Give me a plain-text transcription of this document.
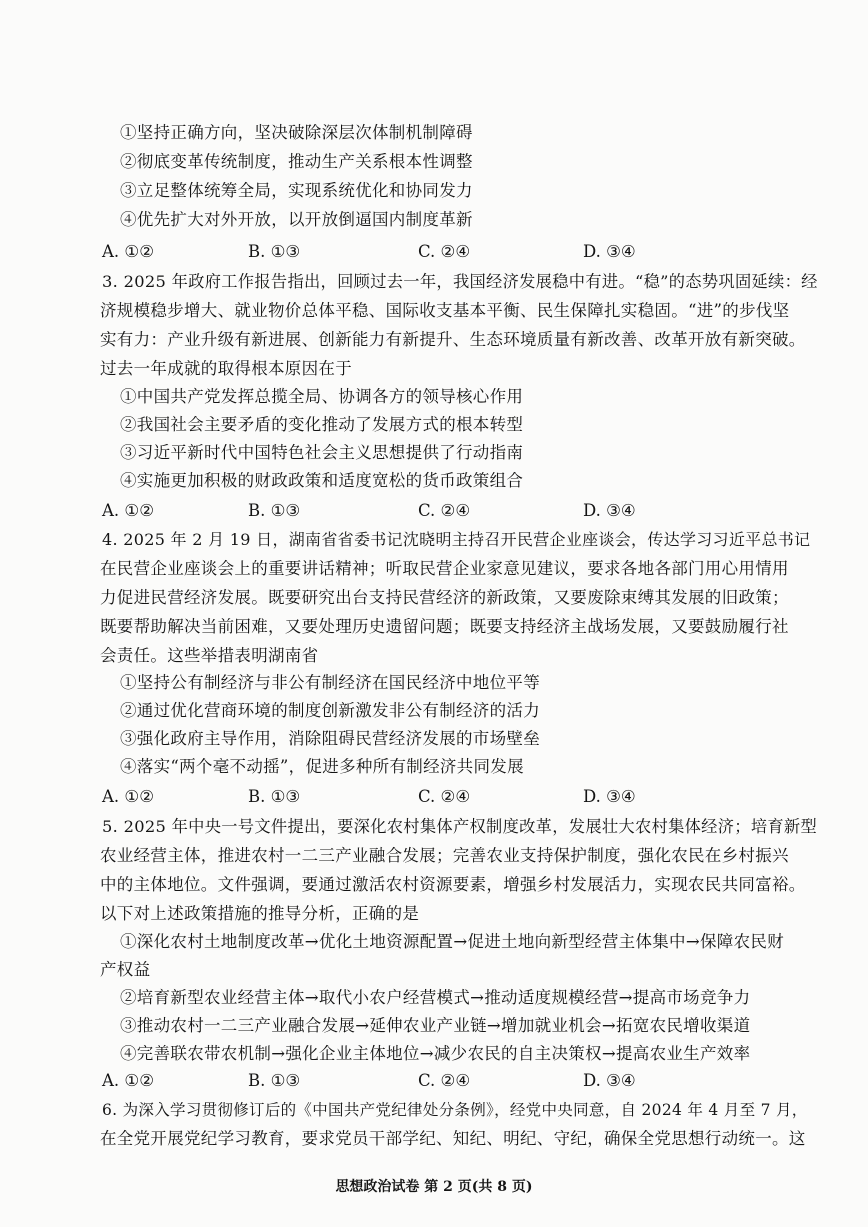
①坚持正确方向，坚决破除深层次体制机制障碍
②彻底变革传统制度，推动生产关系根本性调整
③立足整体统筹全局，实现系统优化和协同发力
④优先扩大对外开放，以开放倒逼国内制度革新
A. ①②	B. ①③	C. ②④	D. ③④
3. 2025 年政府工作报告指出，回顾过去一年，我国经济发展稳中有进。“稳”的态势巩固延续：经
济规模稳步增大、就业物价总体平稳、国际收支基本平衡、民生保障扎实稳固。“进”的步伐坚
实有力：产业升级有新进展、创新能力有新提升、生态环境质量有新改善、改革开放有新突破。
过去一年成就的取得根本原因在于
①中国共产党发挥总揽全局、协调各方的领导核心作用
②我国社会主要矛盾的变化推动了发展方式的根本转型
③习近平新时代中国特色社会主义思想提供了行动指南
④实施更加积极的财政政策和适度宽松的货币政策组合
A. ①②	B. ①③	C. ②④	D. ③④
4. 2025 年 2 月 19 日，湖南省省委书记沈晓明主持召开民营企业座谈会，传达学习习近平总书记
在民营企业座谈会上的重要讲话精神；听取民营企业家意见建议，要求各地各部门用心用情用
力促进民营经济发展。既要研究出台支持民营经济的新政策，又要废除束缚其发展的旧政策；
既要帮助解决当前困难，又要处理历史遗留问题；既要支持经济主战场发展，又要鼓励履行社
会责任。这些举措表明湖南省
①坚持公有制经济与非公有制经济在国民经济中地位平等
②通过优化营商环境的制度创新激发非公有制经济的活力
③强化政府主导作用，消除阻碍民营经济发展的市场壁垒
④落实“两个毫不动摇”，促进多种所有制经济共同发展
A. ①②	B. ①③	C. ②④	D. ③④
5. 2025 年中央一号文件提出，要深化农村集体产权制度改革，发展壮大农村集体经济；培育新型
农业经营主体，推进农村一二三产业融合发展；完善农业支持保护制度，强化农民在乡村振兴
中的主体地位。文件强调，要通过激活农村资源要素，增强乡村发展活力，实现农民共同富裕。
以下对上述政策措施的推导分析，正确的是
①深化农村土地制度改革→优化土地资源配置→促进土地向新型经营主体集中→保障农民财
产权益
②培育新型农业经营主体→取代小农户经营模式→推动适度规模经营→提高市场竞争力
③推动农村一二三产业融合发展→延伸农业产业链→增加就业机会→拓宽农民增收渠道
④完善联农带农机制→强化企业主体地位→减少农民的自主决策权→提高农业生产效率
A. ①②	B. ①③	C. ②④	D. ③④
6. 为深入学习贯彻修订后的《中国共产党纪律处分条例》，经党中央同意，自 2024 年 4 月至 7 月，
在全党开展党纪学习教育，要求党员干部学纪、知纪、明纪、守纪，确保全党思想行动统一。这
思想政治试卷 第 2 页(共 8 页)
